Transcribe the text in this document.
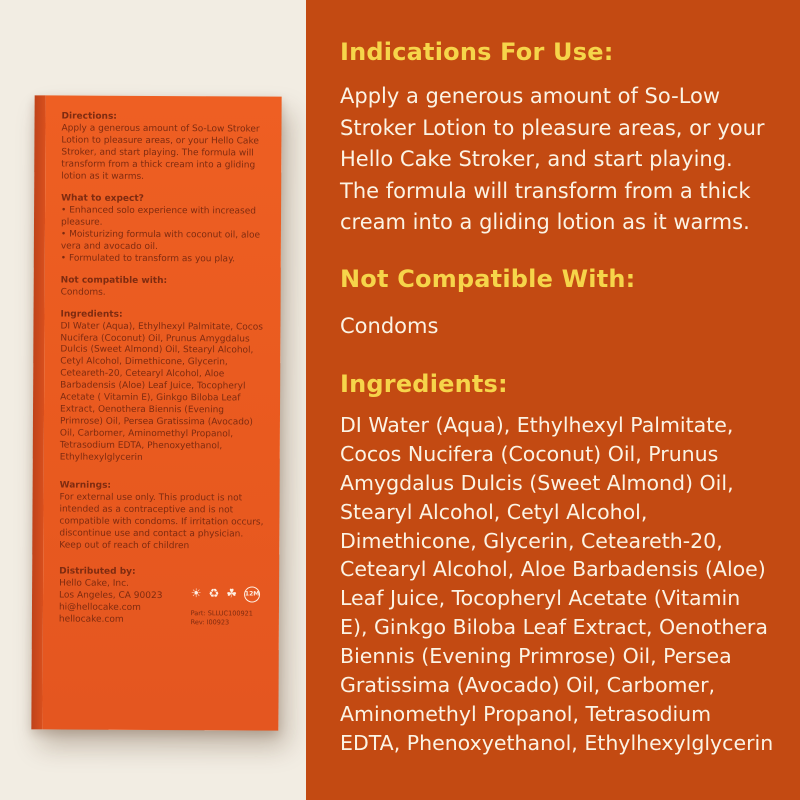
Directions:
Apply a generous amount of So-Low Stroker Lotion to pleasure areas, or your Hello Cake Stroker, and start playing. The formula will transform from a thick cream into a gliding lotion as it warms.
What to expect?
• Enhanced solo experience with increased pleasure.
• Moisturizing formula with coconut oil, aloe vera and avocado oil.
• Formulated to transform as you play.
Not compatible with:
Condoms.
Ingredients:
DI Water (Aqua), Ethylhexyl Palmitate, Cocos Nucifera (Coconut) Oil, Prunus Amygdalus Dulcis (Sweet Almond) Oil, Stearyl Alcohol, Cetyl Alcohol, Dimethicone, Glycerin, Ceteareth-20, Cetearyl Alcohol, Aloe Barbadensis (Aloe) Leaf Juice, Tocopheryl Acetate ( Vitamin E), Ginkgo Biloba Leaf Extract, Oenothera Biennis (Evening Primrose) Oil, Persea Gratissima (Avocado) Oil, Carbomer, Aminomethyl Propanol, Tetrasodium EDTA, Phenoxyethanol, Ethylhexylglycerin
Warnings:
For external use only. This product is not intended as a contraceptive and is not compatible with condoms. If irritation occurs, discontinue use and contact a physician. Keep out of reach of children
Distributed by:
Hello Cake, Inc.
Los Angeles, CA 90023
hi@hellocake.com
hellocake.com
☀ ♻ ☘ 12M
Part: SLLUC100921
Rev: I00923
Indications For Use:
Apply a generous amount of So-Low Stroker Lotion to pleasure areas, or your Hello Cake Stroker, and start playing. The formula will transform from a thick cream into a gliding lotion as it warms.
Not Compatible With:
Condoms
Ingredients:
DI Water (Aqua), Ethylhexyl Palmitate, Cocos Nucifera (Coconut) Oil, Prunus Amygdalus Dulcis (Sweet Almond) Oil, Stearyl Alcohol, Cetyl Alcohol, Dimethicone, Glycerin, Ceteareth-20, Cetearyl Alcohol, Aloe Barbadensis (Aloe) Leaf Juice, Tocopheryl Acetate (Vitamin E), Ginkgo Biloba Leaf Extract, Oenothera Biennis (Evening Primrose) Oil, Persea Gratissima (Avocado) Oil, Carbomer, Aminomethyl Propanol, Tetrasodium EDTA, Phenoxyethanol, Ethylhexylglycerin
